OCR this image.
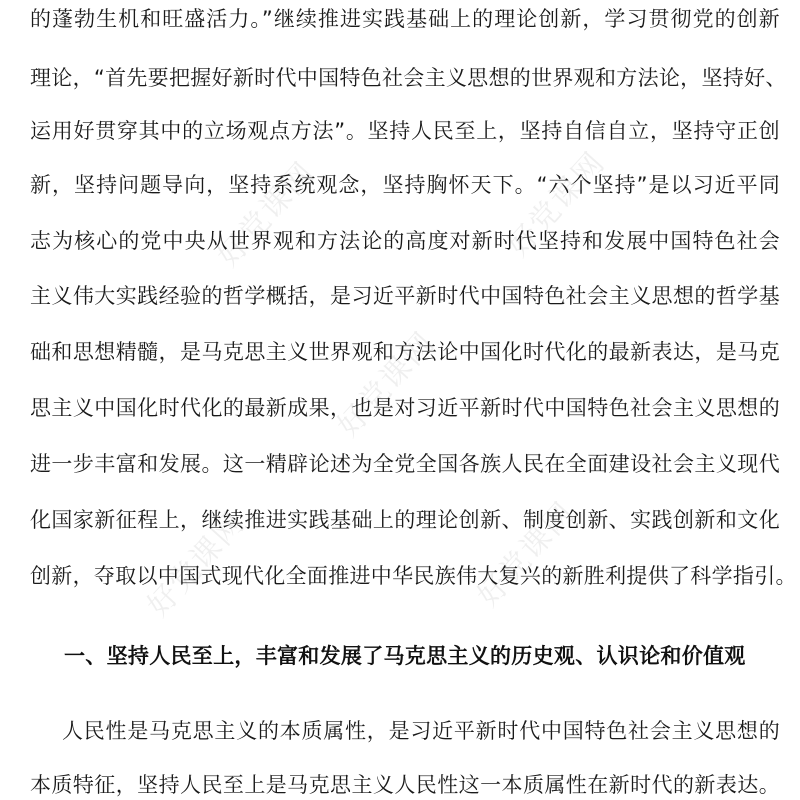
好党课网	好党课网
好党课网
好党课网	好党课网
的蓬勃生机和旺盛活力。”继续推进实践基础上的理论创新，学习贯彻党的创新
理论，“首先要把握好新时代中国特色社会主义思想的世界观和方法论，坚持好、
运用好贯穿其中的立场观点方法”。坚持人民至上，坚持自信自立，坚持守正创
新，坚持问题导向，坚持系统观念，坚持胸怀天下。“六个坚持”是以习近平同
志为核心的党中央从世界观和方法论的高度对新时代坚持和发展中国特色社会
主义伟大实践经验的哲学概括，是习近平新时代中国特色社会主义思想的哲学基
础和思想精髓，是马克思主义世界观和方法论中国化时代化的最新表达，是马克
思主义中国化时代化的最新成果，也是对习近平新时代中国特色社会主义思想的
进一步丰富和发展。这一精辟论述为全党全国各族人民在全面建设社会主义现代
化国家新征程上，继续推进实践基础上的理论创新、制度创新、实践创新和文化
创新，夺取以中国式现代化全面推进中华民族伟大复兴的新胜利提供了科学指引。
一、坚持人民至上，丰富和发展了马克思主义的历史观、认识论和价值观
人民性是马克思主义的本质属性，是习近平新时代中国特色社会主义思想的
本质特征，坚持人民至上是马克思主义人民性这一本质属性在新时代的新表达。
